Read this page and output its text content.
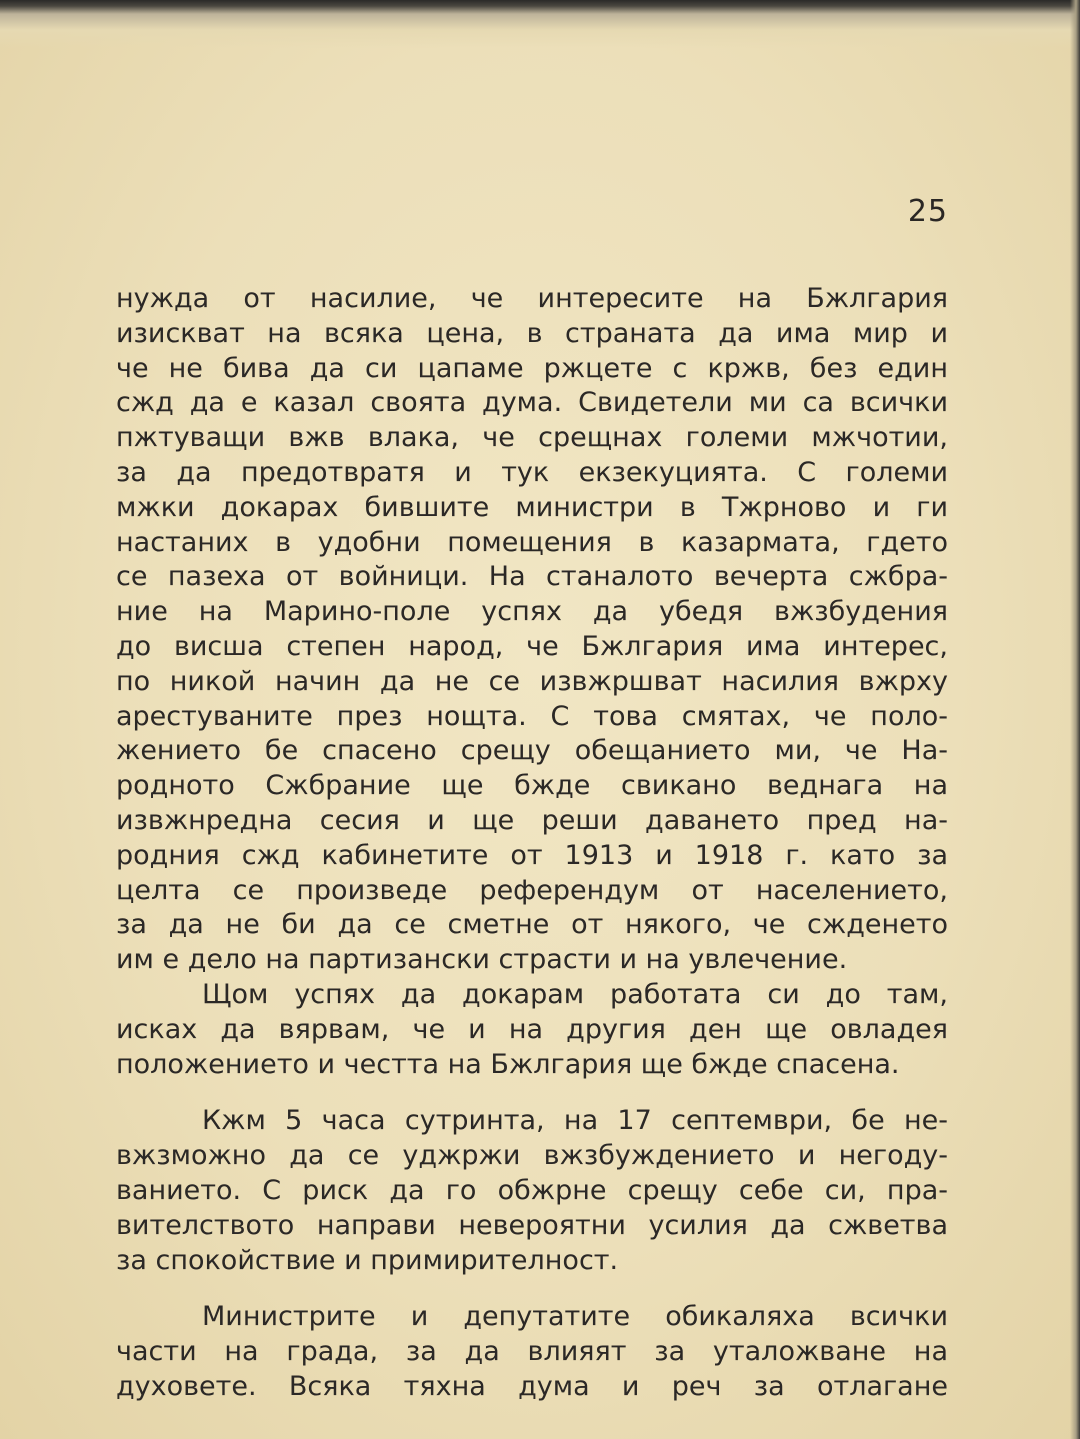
25
нужда от насилие, че интересите на Бжлгария
изискват на всяка цена, в страната да има мир и
че не бива да си цапаме ржцете с кржв, без един
сжд да е казал своята дума. Свидетели ми са всички
пжтуващи вжв влака, че срещнах големи мжчотии,
за да предотвратя и тук екзекуцията. С големи
мжки докарах бившите министри в Тжрново и ги
настаних в удобни помещения в казармата, гдето
се пазеха от войници. На станалото вечерта сжбра-
ние на Марино-поле успях да убедя вжзбудения
до висша степен народ, че Бжлгария има интерес,
по никой начин да не се извжршват насилия вжрху
арестуваните през нощта. С това смятах, че поло-
жението бе спасено срещу обещанието ми, че На-
родното Сжбрание ще бжде свикано веднага на
извжнредна сесия и ще реши даването пред на-
родния сжд кабинетите от 1913 и 1918 г. като за
целта се произведе референдум от населението,
за да не би да се сметне от някого, че сжденето
им е дело на партизански страсти и на увлечение.
Щом успях да докарам работата си до там,
исках да вярвам, че и на другия ден ще овладея
положението и честта на Бжлгария ще бжде спасена.
Кжм 5 часа сутринта, на 17 септември, бе не-
вжзможно да се уджржи вжзбуждението и негоду-
ванието. С риск да го обжрне срещу себе си, пра-
вителството направи невероятни усилия да сжветва
за спокойствие и примирителност.
Министрите и депутатите обикаляха всички
части на града, за да влияят за уталожване на
духовете. Всяка тяхна дума и реч за отлагане
